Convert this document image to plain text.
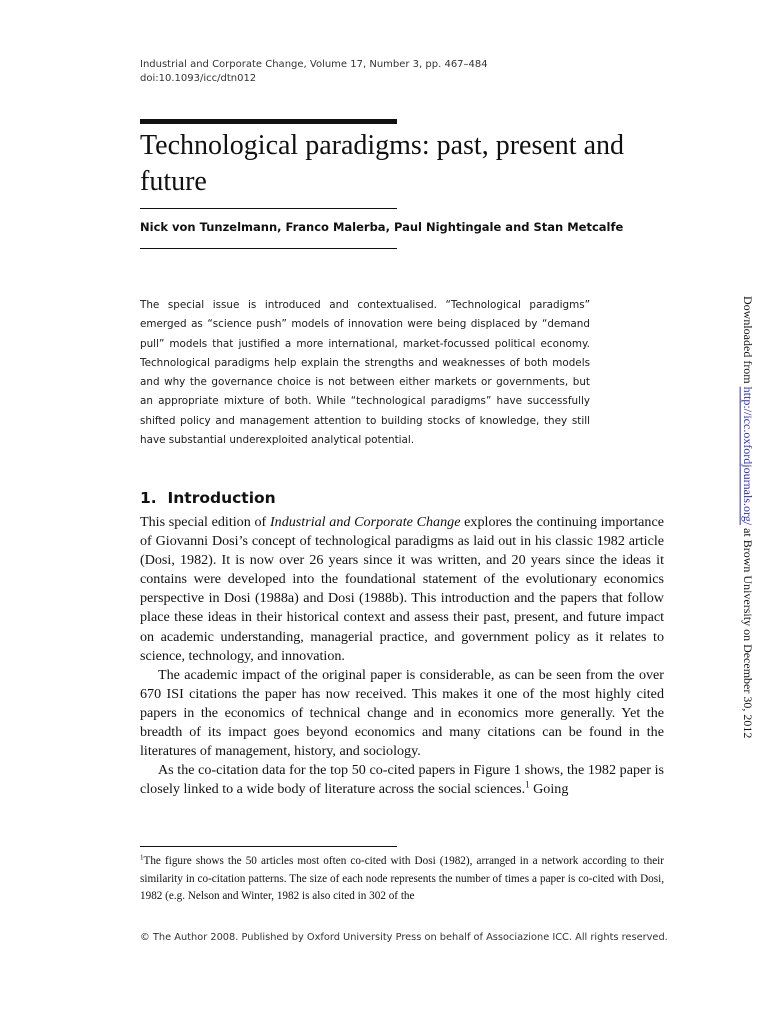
Industrial and Corporate Change, Volume 17, Number 3, pp. 467–484
doi:10.1093/icc/dtn012
Technological paradigms: past, present and future
Nick von Tunzelmann, Franco Malerba, Paul Nightingale and Stan Metcalfe

The special issue is introduced and contextualised. “Technological paradigms” emerged as “science push” models of innovation were being displaced by “demand pull” models that justified a more international, market-focussed political economy. Technological paradigms help explain the strengths and weaknesses of both models and why the governance choice is not between either markets or governments, but an appropriate mixture of both. While “technological paradigms” have successfully shifted policy and management attention to building stocks of knowledge, they still have substantial underexploited analytical potential.

1. Introduction

This special edition of Industrial and Corporate Change explores the continuing importance of Giovanni Dosi’s concept of technological paradigms as laid out in his classic 1982 article (Dosi, 1982). It is now over 26 years since it was written, and 20 years since the ideas it contains were developed into the foundational statement of the evolutionary economics perspective in Dosi (1988a) and Dosi (1988b). This introduction and the papers that follow place these ideas in their historical context and assess their past, present, and future impact on academic understanding, managerial practice, and government policy as it relates to science, technology, and innovation.

The academic impact of the original paper is considerable, as can be seen from the over 670 ISI citations the paper has now received. This makes it one of the most highly cited papers in the economics of technical change and in economics more generally. Yet the breadth of its impact goes beyond economics and many citations can be found in the literatures of management, history, and sociology.

As the co-citation data for the top 50 co-cited papers in Figure 1 shows, the 1982 paper is closely linked to a wide body of literature across the social sciences.$^1$ Going

$^1$The figure shows the 50 articles most often co-cited with Dosi (1982), arranged in a network according to their similarity in co-citation patterns. The size of each node represents the number of times a paper is co-cited with Dosi, 1982 (e.g. Nelson and Winter, 1982 is also cited in 302 of the

© The Author 2008. Published by Oxford University Press on behalf of Associazione ICC. All rights reserved.
Downloaded from http://icc.oxfordjournals.org/ at Brown University on December 30, 2012
